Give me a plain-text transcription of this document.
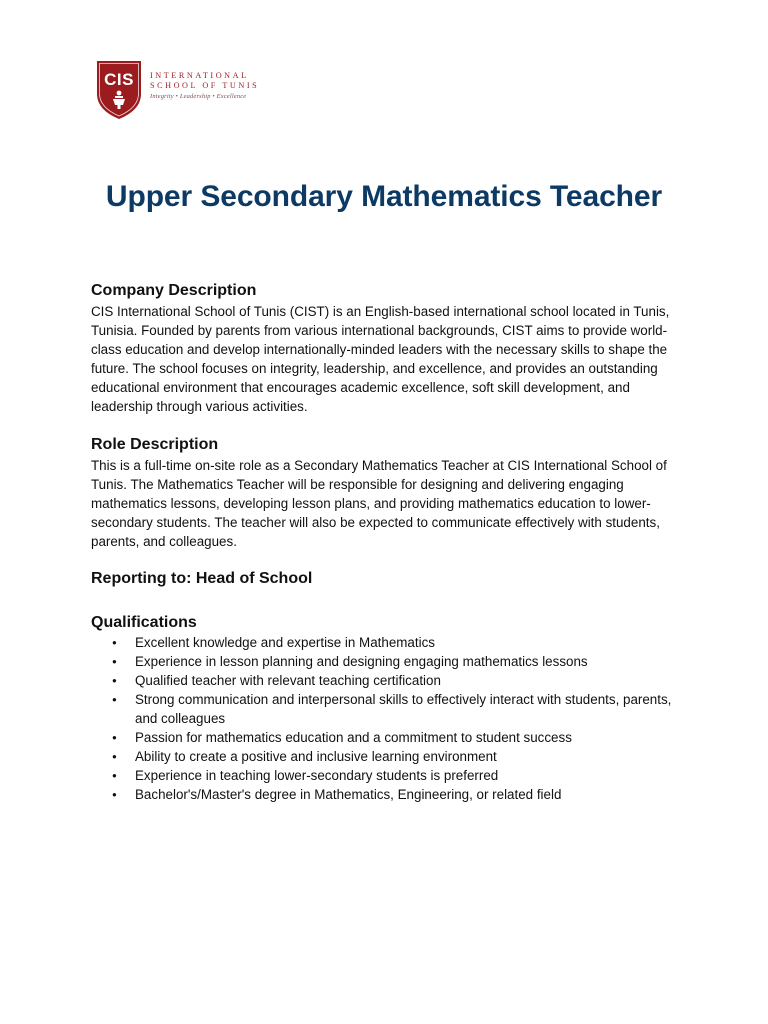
CIS INTERNATIONAL
SCHOOL OF TUNIS
Integrity • Leadership • Excellence
Upper Secondary Mathematics Teacher
Company Description

CIS International School of Tunis (CIST) is an English-based international school located in Tunis, Tunisia. Founded by parents from various international backgrounds, CIST aims to provide world-class education and develop internationally-minded leaders with the necessary skills to shape the future. The school focuses on integrity, leadership, and excellence, and provides an outstanding educational environment that encourages academic excellence, soft skill development, and leadership through various activities.

Role Description

This is a full-time on-site role as a Secondary Mathematics Teacher at CIS International School of Tunis. The Mathematics Teacher will be responsible for designing and delivering engaging mathematics lessons, developing lesson plans, and providing mathematics education to lower-secondary students. The teacher will also be expected to communicate effectively with students, parents, and colleagues.

Reporting to: Head of School
Qualifications
● Excellent knowledge and expertise in Mathematics
● Experience in lesson planning and designing engaging mathematics lessons
● Qualified teacher with relevant teaching certification
● Strong communication and interpersonal skills to effectively interact with students, parents, and colleagues
● Passion for mathematics education and a commitment to student success
● Ability to create a positive and inclusive learning environment
● Experience in teaching lower-secondary students is preferred
● Bachelor's/Master's degree in Mathematics, Engineering, or related field
